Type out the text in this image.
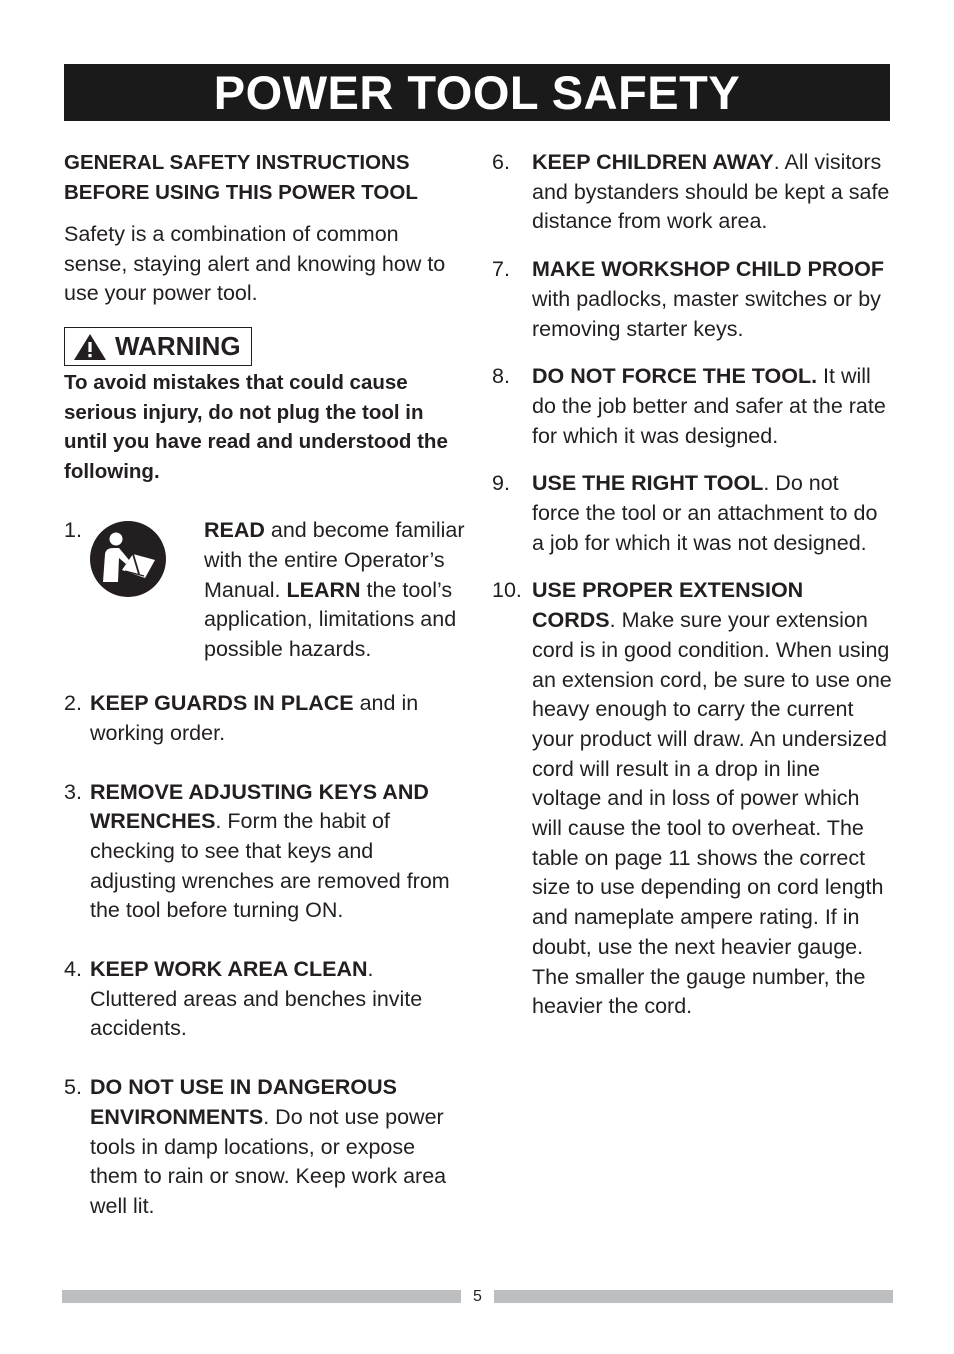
POWER TOOL SAFETY
GENERAL SAFETY INSTRUCTIONS
BEFORE USING THIS POWER TOOL
Safety is a combination of common sense, staying alert and knowing how to use your power tool.
WARNING
To avoid mistakes that could cause serious injury, do not plug the tool in until you have read and understood the following.
1.	READ and become familiar with the entire Operator’s Manual. LEARN the tool’s application, limitations and possible hazards.
2. KEEP GUARDS IN PLACE and in working order.
3. REMOVE ADJUSTING KEYS AND WRENCHES. Form the habit of checking to see that keys and adjusting wrenches are removed from the tool before turning ON.
4. KEEP WORK AREA CLEAN. Cluttered areas and benches invite accidents.
5. DO NOT USE IN DANGEROUS ENVIRONMENTS. Do not use power tools in damp locations, or expose them to rain or snow. Keep work area well lit.
6.	KEEP CHILDREN AWAY. All visitors and bystanders should be kept a safe distance from work area.
7.	MAKE WORKSHOP CHILD PROOF with padlocks, master switches or by removing starter keys.
8.	DO NOT FORCE THE TOOL. It will do the job better and safer at the rate for which it was designed.
9.	USE THE RIGHT TOOL. Do not force the tool or an attachment to do a job for which it was not designed.
10. USE PROPER EXTENSION CORDS. Make sure your extension cord is in good condition. When using an extension cord, be sure to use one heavy enough to carry the current your product will draw. An undersized cord will result in a drop in line voltage and in loss of power which will cause the tool to overheat. The table on page 11 shows the correct size to use depending on cord length and nameplate ampere rating. If in doubt, use the next heavier gauge. The smaller the gauge number, the heavier the cord.
5
